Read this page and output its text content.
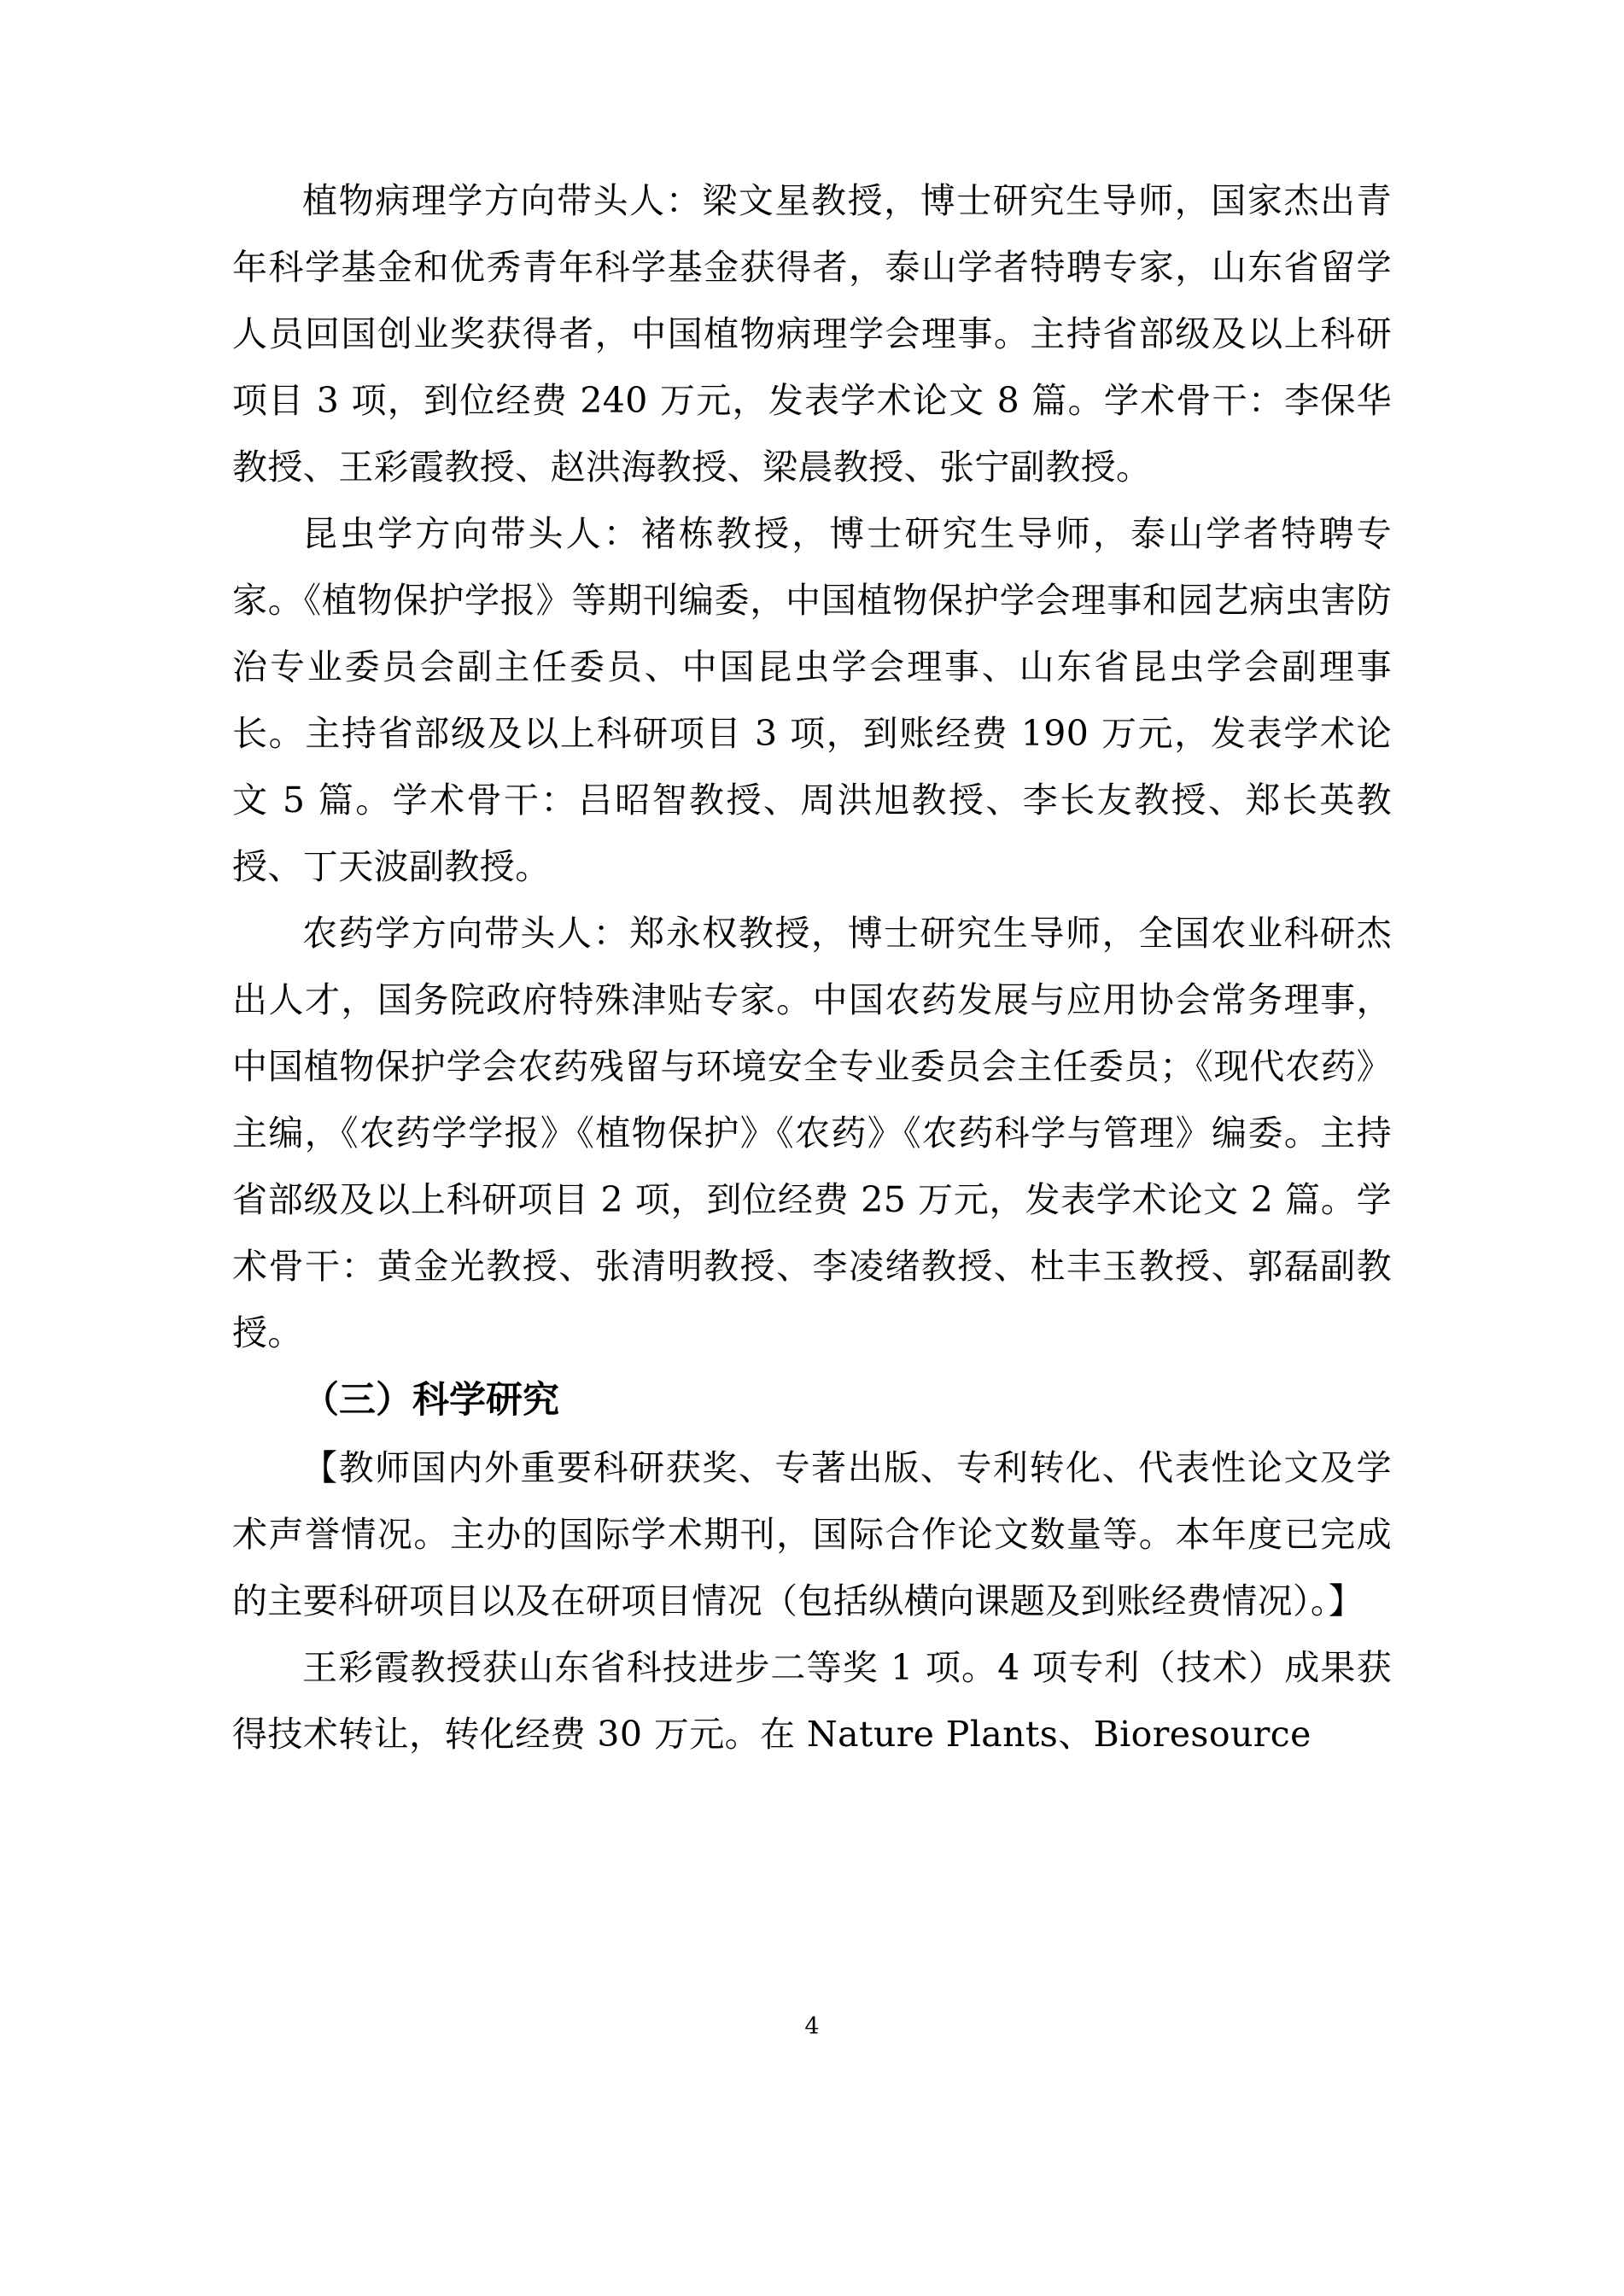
植物病理学方向带头人：梁文星教授，博士研究生导师，国家杰出青年科学基金和优秀青年科学基金获得者，泰山学者特聘专家，山东省留学人员回国创业奖获得者，中国植物病理学会理事。主持省部级及以上科研项目 3 项，到位经费 240 万元，发表学术论文 8 篇。学术骨干：李保华教授、王彩霞教授、赵洪海教授、梁晨教授、张宁副教授。

昆虫学方向带头人：褚栋教授，博士研究生导师，泰山学者特聘专家。《植物保护学报》等期刊编委，中国植物保护学会理事和园艺病虫害防治专业委员会副主任委员、中国昆虫学会理事、山东省昆虫学会副理事长。主持省部级及以上科研项目 3 项，到账经费 190 万元，发表学术论文 5 篇。学术骨干：吕昭智教授、周洪旭教授、李长友教授、郑长英教授、丁天波副教授。

农药学方向带头人：郑永权教授，博士研究生导师，全国农业科研杰出人才，国务院政府特殊津贴专家。中国农药发展与应用协会常务理事，中国植物保护学会农药残留与环境安全专业委员会主任委员；《现代农药》主编，《农药学学报》《植物保护》《农药》《农药科学与管理》编委。主持省部级及以上科研项目 2 项，到位经费 25 万元，发表学术论文 2 篇。学术骨干：黄金光教授、张清明教授、李凌绪教授、杜丰玉教授、郭磊副教授。

（三）科学研究

【教师国内外重要科研获奖、专著出版、专利转化、代表性论文及学术声誉情况。主办的国际学术期刊，国际合作论文数量等。本年度已完成的主要科研项目以及在研项目情况（包括纵横向课题及到账经费情况）。】

王彩霞教授获山东省科技进步二等奖 1 项。4 项专利（技术）成果获得技术转让，转化经费 30 万元。在 Nature Plants、Bioresource

4
